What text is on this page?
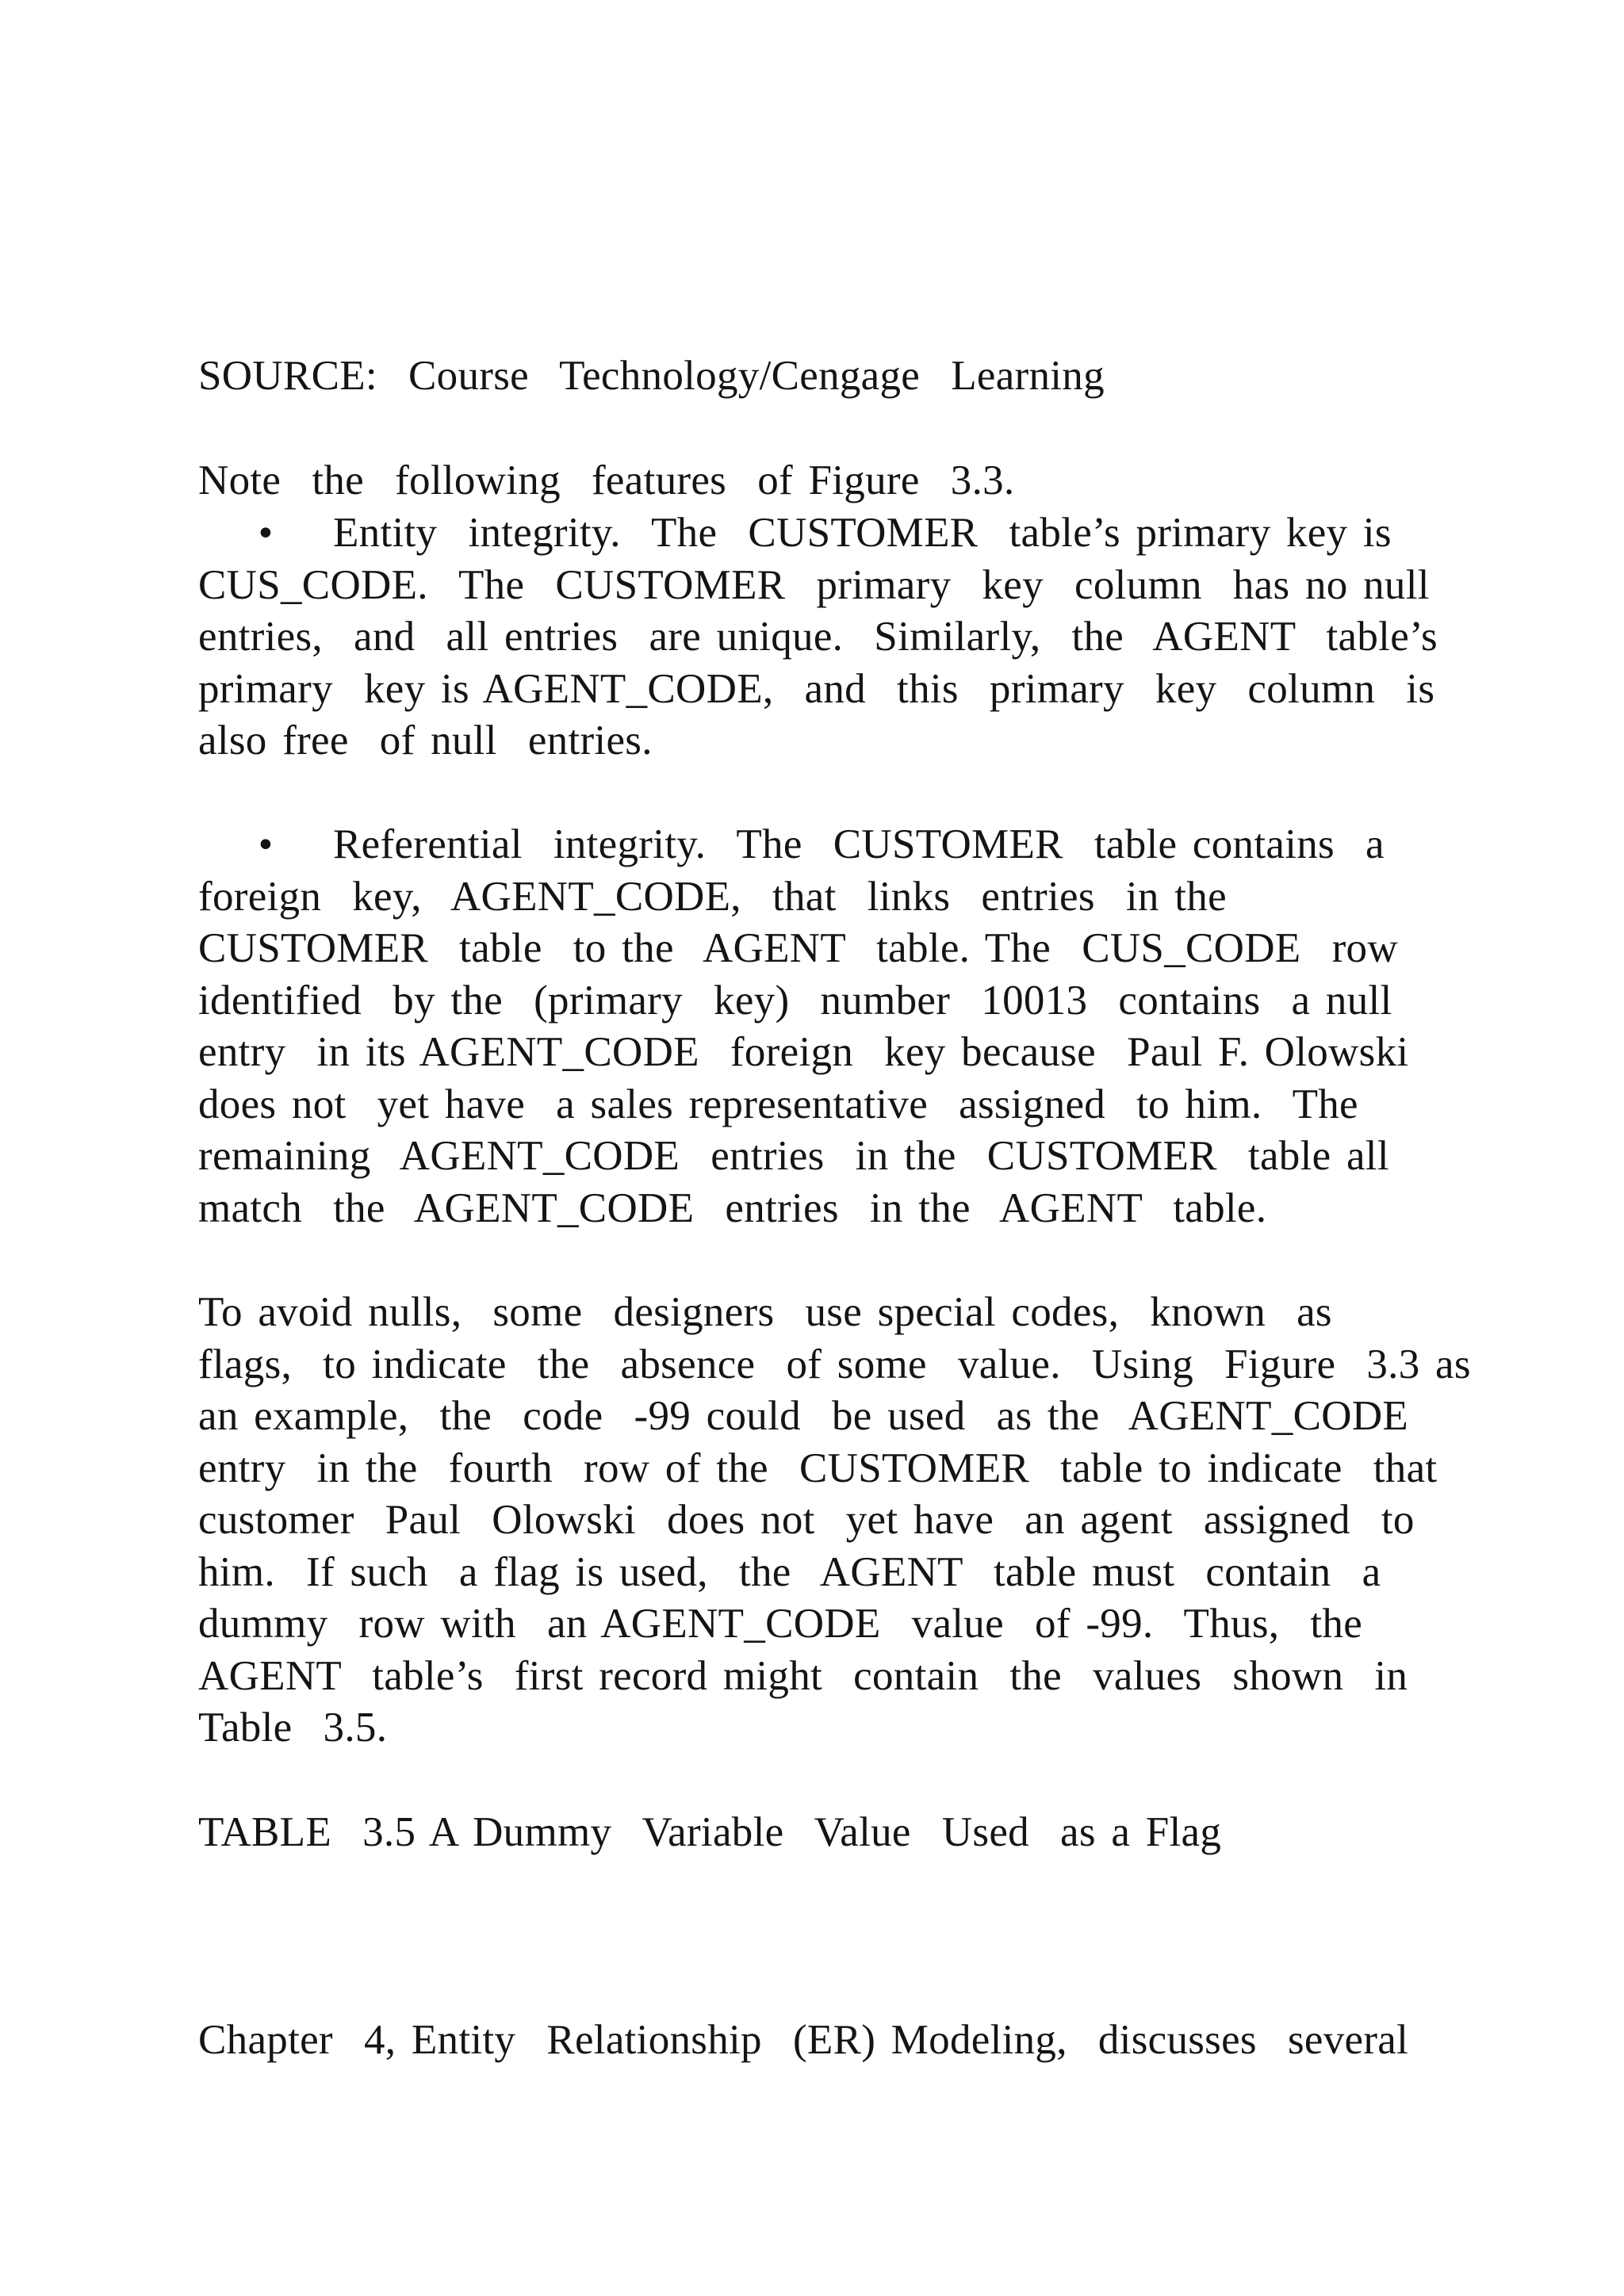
SOURCE:  Course  Technology/Cengage  Learning
Note  the  following  features  of Figure  3.3.
• Entity  integrity.  The  CUSTOMER  table’s primary key is
CUS_CODE.  The  CUSTOMER  primary  key  column  has no null
entries,  and  all entries  are unique.  Similarly,  the  AGENT  table’s
primary  key is AGENT_CODE,  and  this  primary  key  column  is
also free  of null  entries.
• Referential  integrity.  The  CUSTOMER  table contains  a
foreign  key,  AGENT_CODE,  that  links  entries  in the
CUSTOMER  table  to the  AGENT  table. The  CUS_CODE  row
identified  by the  (primary  key)  number  10013  contains  a null
entry  in its AGENT_CODE  foreign  key because  Paul F. Olowski
does not  yet have  a sales representative  assigned  to him.  The
remaining  AGENT_CODE  entries  in the  CUSTOMER  table all
match  the  AGENT_CODE  entries  in the  AGENT  table.
To avoid nulls,  some  designers  use special codes,  known  as
flags,  to indicate  the  absence  of some  value.  Using  Figure  3.3 as
an example,  the  code  -99 could  be used  as the  AGENT_CODE
entry  in the  fourth  row of the  CUSTOMER  table to indicate  that
customer  Paul  Olowski  does not  yet have  an agent  assigned  to
him.  If such  a flag is used,  the  AGENT  table must  contain  a
dummy  row with  an AGENT_CODE  value  of -99.  Thus,  the
AGENT  table’s  first record might  contain  the  values  shown  in
Table  3.5.
TABLE  3.5 A Dummy  Variable  Value  Used  as a Flag
Chapter  4, Entity  Relationship  (ER) Modeling,  discusses  several
